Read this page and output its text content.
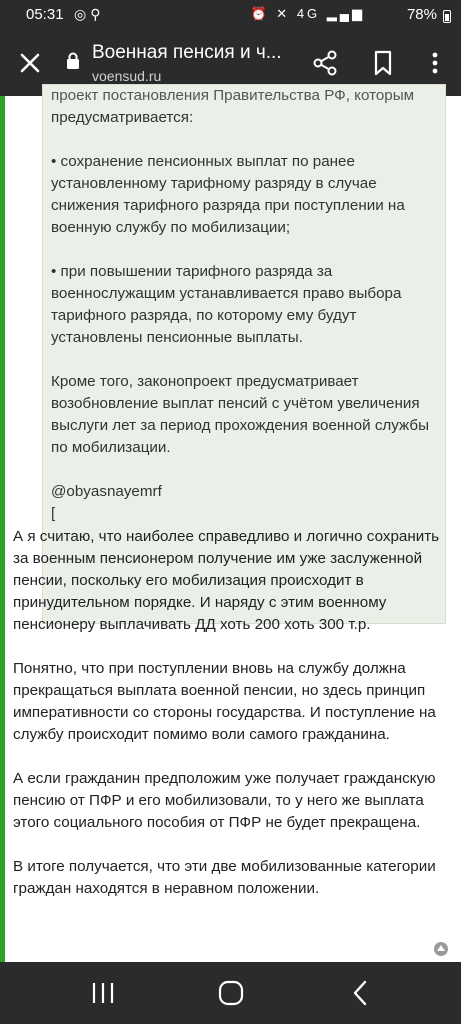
05:31 ◎⚲	⏰ ✕ 4G ▂▄▆	78%
Военная пенсия и ч...
voensud.ru

проект постановления Правительства РФ, которым

предусматривается:

• сохранение пенсионных выплат по ранее установленному тарифному разряду в случае снижения тарифного разряда при поступлении на военную службу по мобилизации;

• при повышении тарифного разряда за военнослужащим устанавливается право выбора тарифного разряда, по которому ему будут установлены пенсионные выплаты.

Кроме того, законопроект предусматривает возобновление выплат пенсий с учётом увеличения выслуги лет за период прохождения военной службы по мобилизации.

@obyasnayemrf

[

А я считаю, что наиболее справедливо и логично сохранить за военным пенсионером получение им уже заслуженной пенсии, поскольку его мобилизация происходит в принудительном порядке. И наряду с этим военному пенсионеру выплачивать ДД хоть 200 хоть 300 т.р.

Понятно, что при поступлении вновь на службу должна прекращаться выплата военной пенсии, но здесь принцип императивности со стороны государства. И поступление на службу происходит помимо воли самого гражданина.

А если гражданин предположим уже получает гражданскую пенсию от ПФР и его мобилизовали, то у него же выплата этого социального пособия от ПФР не будет прекращена.

В итоге получается, что эти две мобилизованные категории граждан находятся в неравном положении.
